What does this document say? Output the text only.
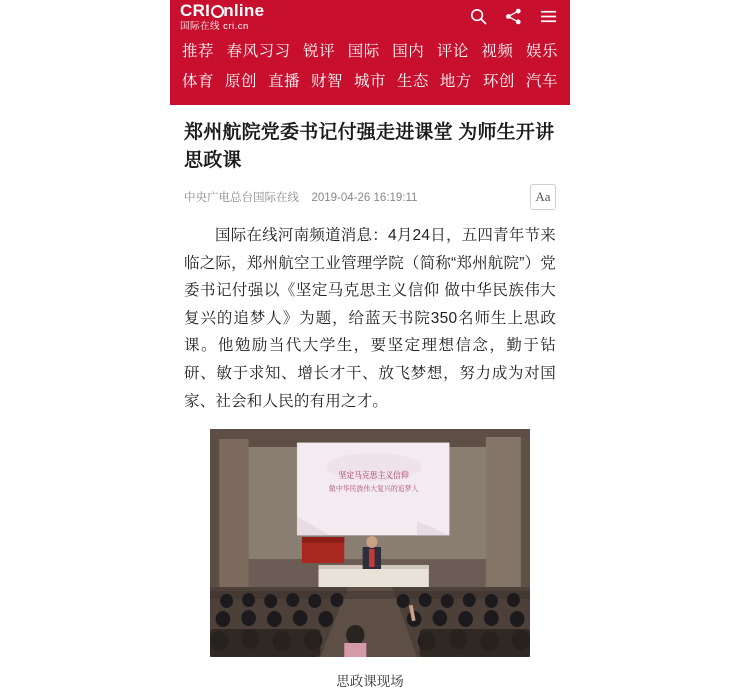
CRI nline
国际在线 cri.cn
推荐 春风习习 锐评 国际 国内 评论 视频 娱乐
体育 原创 直播 财智 城市 生态 地方 环创 汽车
郑州航院党委书记付强走进课堂 为师生开讲思政课
中央广电总台国际在线 2019-04-26 16:19:11	Aa

国际在线河南频道消息：4月24日，五四青年节来临之际，郑州航空工业管理学院（简称“郑州航院”）党委书记付强以《坚定马克思主义信仰 做中华民族伟大复兴的追梦人》为题，给蓝天书院350名师生上思政课。他勉励当代大学生，要坚定理想信念，勤于钻研、敏于求知、增长才干、放飞梦想，努力成为对国家、社会和人民的有用之才。

坚定马克思主义信仰
做中华民族伟大复兴的追梦人
思政课现场
